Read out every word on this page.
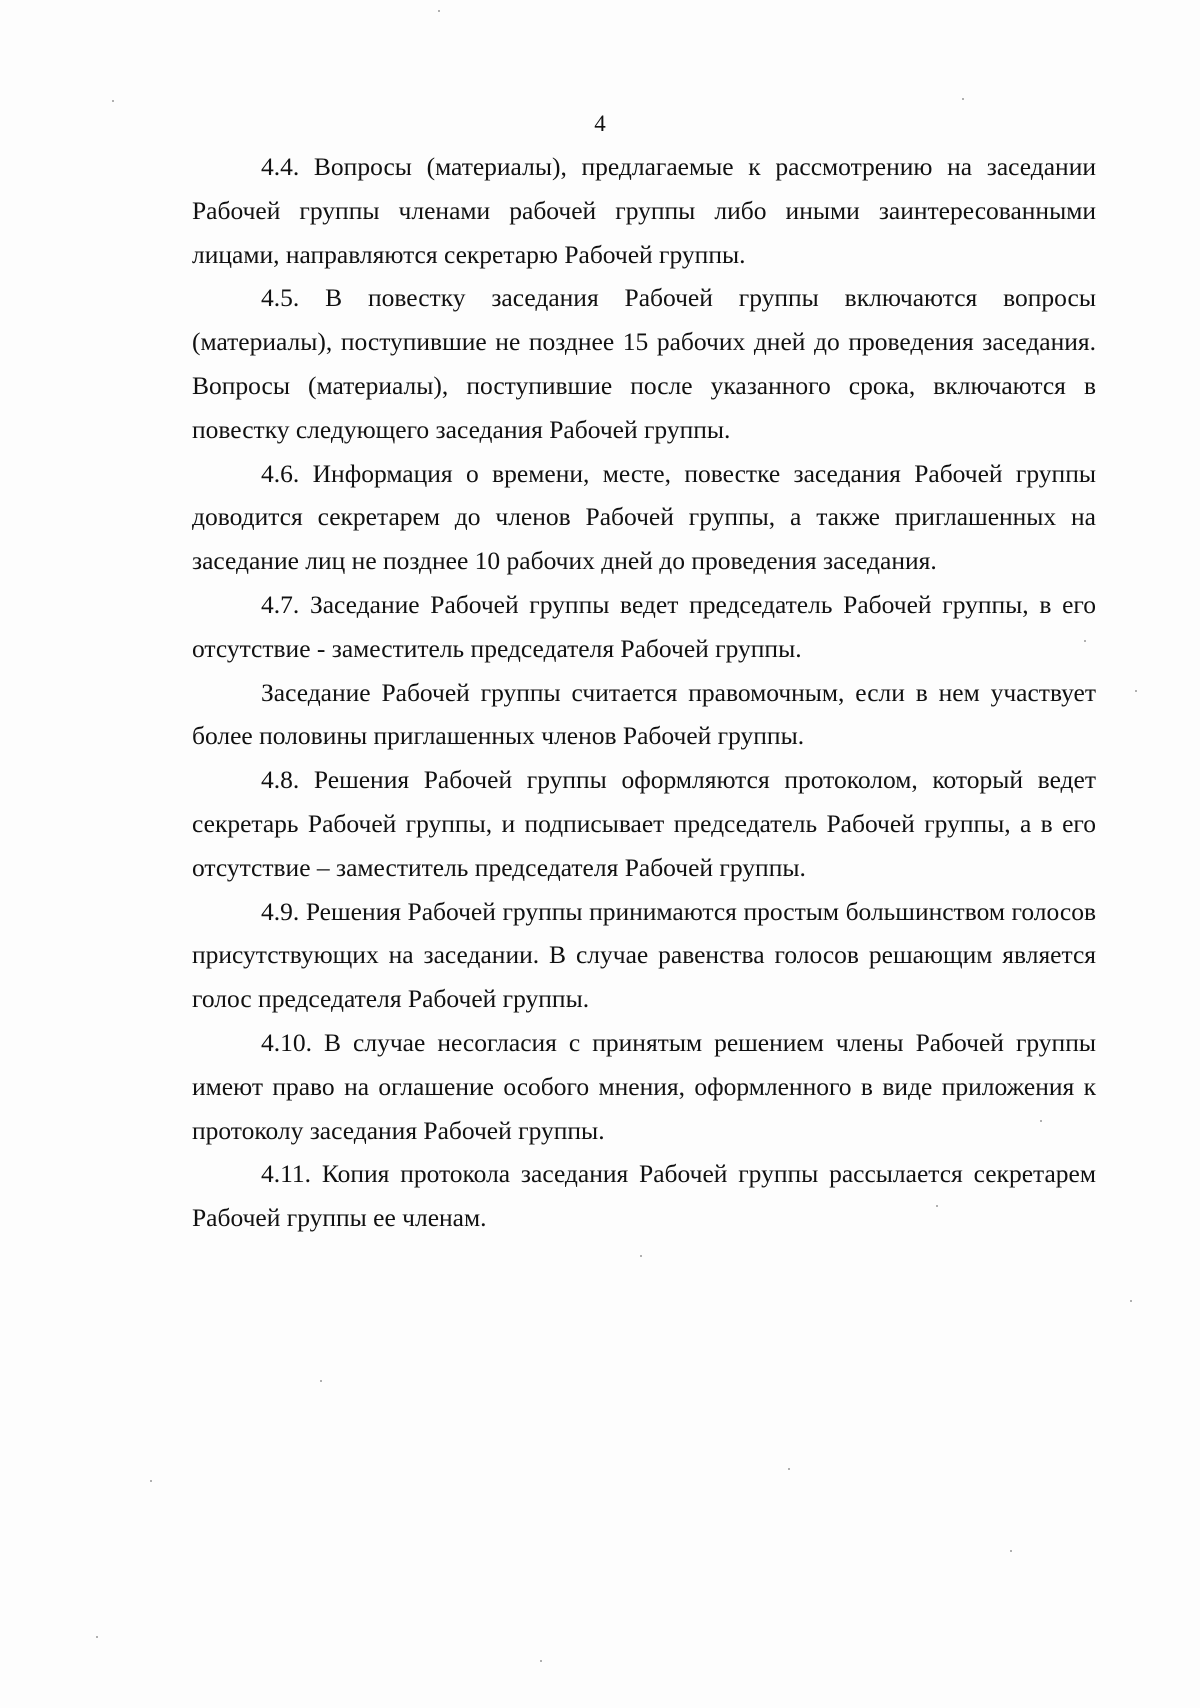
4

4.4. Вопросы (материалы), предлагаемые к рассмотрению на заседании Рабочей группы членами рабочей группы либо иными заинтересованными лицами, направляются секретарю Рабочей группы.

4.5. В повестку заседания Рабочей группы включаются вопросы (материалы), поступившие не позднее 15 рабочих дней до проведения заседания. Вопросы (материалы), поступившие после указанного срока, включаются в повестку следующего заседания Рабочей группы.

4.6. Информация о времени, месте, повестке заседания Рабочей группы доводится секретарем до членов Рабочей группы, а также приглашенных на заседание лиц не позднее 10 рабочих дней до проведения заседания.

4.7. Заседание Рабочей группы ведет председатель Рабочей группы, в его отсутствие - заместитель председателя Рабочей группы.

Заседание Рабочей группы считается правомочным, если в нем участвует более половины приглашенных членов Рабочей группы.

4.8. Решения Рабочей группы оформляются протоколом, который ведет секретарь Рабочей группы, и подписывает председатель Рабочей группы, а в его отсутствие – заместитель председателя Рабочей группы.

4.9. Решения Рабочей группы принимаются простым большинством голосов присутствующих на заседании. В случае равенства голосов решающим является голос председателя Рабочей группы.

4.10. В случае несогласия с принятым решением члены Рабочей группы имеют право на оглашение особого мнения, оформленного в виде приложения к протоколу заседания Рабочей группы.

4.11. Копия протокола заседания Рабочей группы рассылается секретарем Рабочей группы ее членам.
